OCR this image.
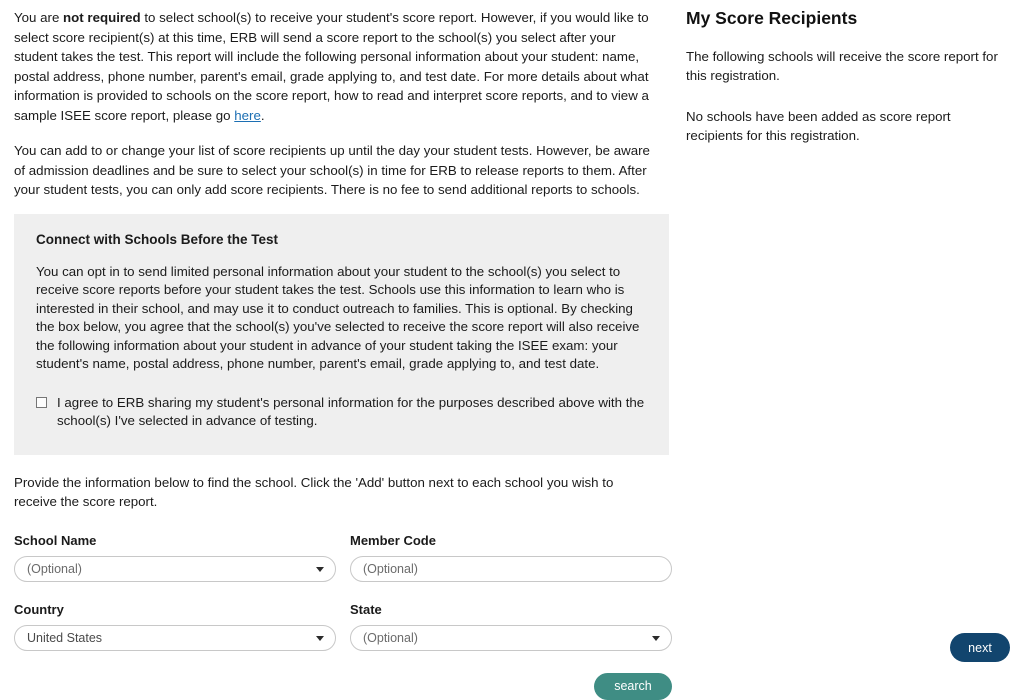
You are not required to select school(s) to receive your student's score report. However, if you would like to select score recipient(s) at this time, ERB will send a score report to the school(s) you select after your student takes the test. This report will include the following personal information about your student: name, postal address, phone number, parent's email, grade applying to, and test date. For more details about what information is provided to schools on the score report, how to read and interpret score reports, and to view a sample ISEE score report, please go here.

You can add to or change your list of score recipients up until the day your student tests. However, be aware of admission deadlines and be sure to select your school(s) in time for ERB to release reports to them. After your student tests, you can only add score recipients. There is no fee to send additional reports to schools.

Connect with Schools Before the Test
You can opt in to send limited personal information about your student to the school(s) you select to receive score reports before your student takes the test. Schools use this information to learn who is interested in their school, and may use it to conduct outreach to families. This is optional. By checking the box below, you agree that the school(s) you've selected to receive the score report will also receive the following information about your student in advance of your student taking the ISEE exam: your student's name, postal address, phone number, parent's email, grade applying to, and test date.
I agree to ERB sharing my student's personal information for the purposes described above with the school(s) I've selected in advance of testing.

Provide the information below to find the school. Click the 'Add' button next to each school you wish to receive the score report.

School Name
(Optional)
Member Code
(Optional)
Country
United States
State
(Optional)
search
My Score Recipients

The following schools will receive the score report for this registration.

No schools have been added as score report recipients for this registration.

next
